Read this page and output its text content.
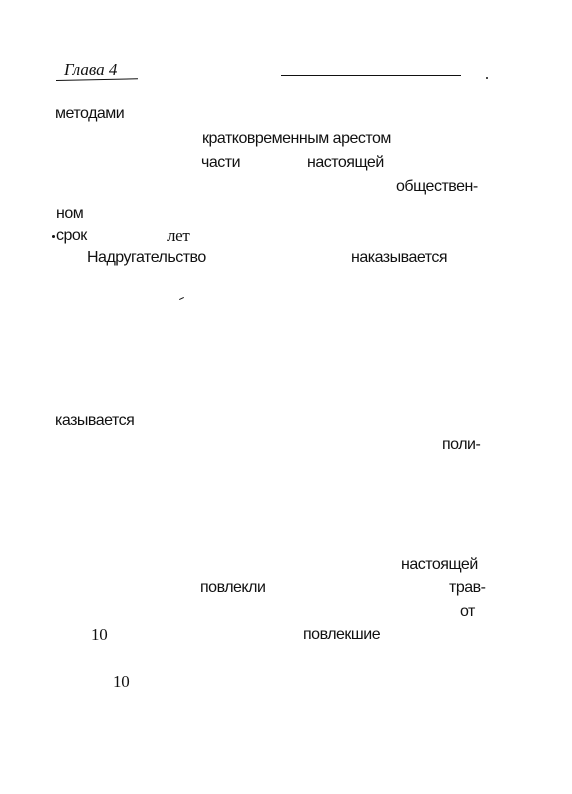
Глава 4
методами
кратковременным арестом
части	настоящей
обществен-
ном
срок	лет
Надругательство	наказывается
казывается
поли-
настоящей
повлекли	трав-
от
10	повлекшие
10
